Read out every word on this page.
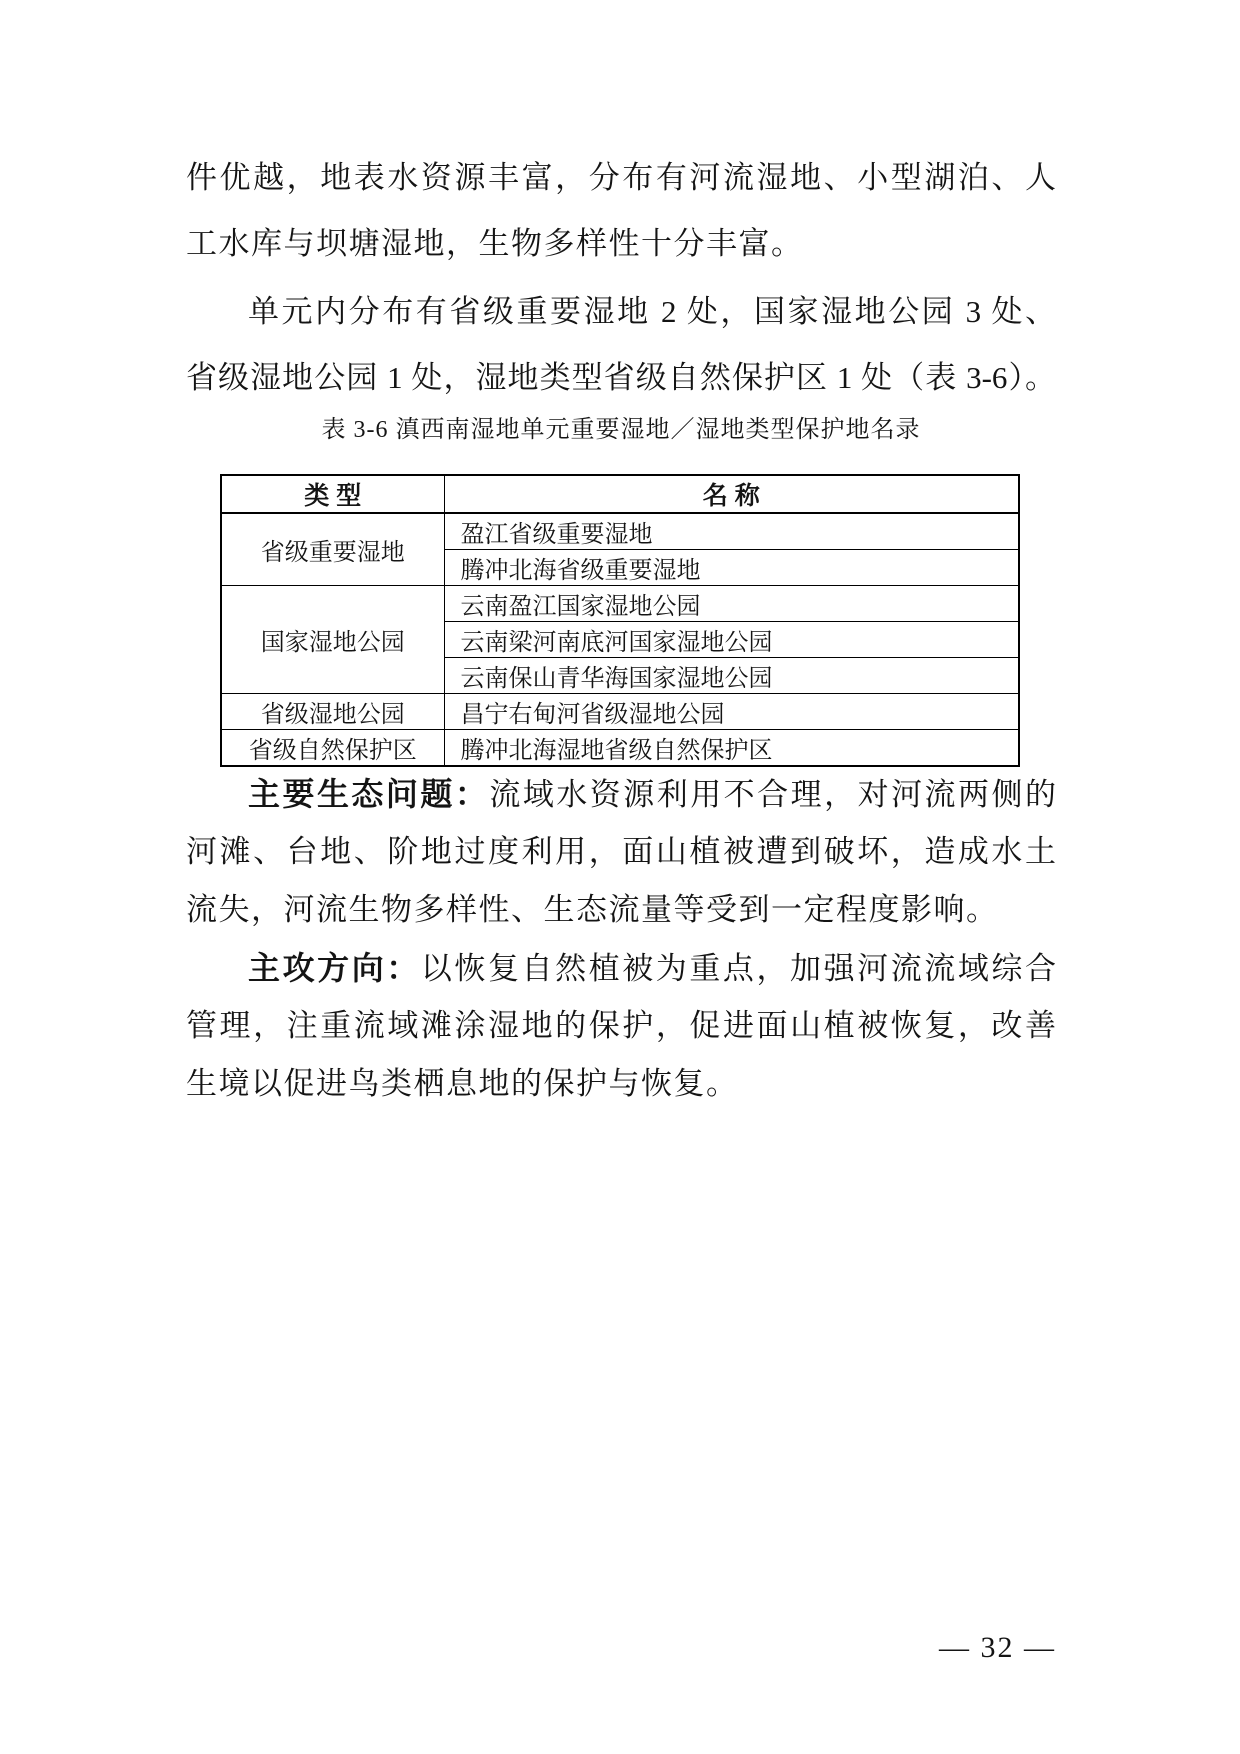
件优越，地表水资源丰富，分布有河流湿地、小型湖泊、人
工水库与坝塘湿地，生物多样性十分丰富。
单元内分布有省级重要湿地 2 处，国家湿地公园 3 处、
省级湿地公园 1 处，湿地类型省级自然保护区 1 处（表 3-6）。
表 3-6 滇西南湿地单元重要湿地／湿地类型保护地名录
类 型	名 称
省级重要湿地	盈江省级重要湿地
	腾冲北海省级重要湿地
国家湿地公园	云南盈江国家湿地公园
	云南梁河南底河国家湿地公园
	云南保山青华海国家湿地公园
省级湿地公园	昌宁右甸河省级湿地公园
省级自然保护区	腾冲北海湿地省级自然保护区
主要生态问题：流域水资源利用不合理，对河流两侧的
河滩、台地、阶地过度利用，面山植被遭到破坏，造成水土
流失，河流生物多样性、生态流量等受到一定程度影响。
主攻方向：以恢复自然植被为重点，加强河流流域综合
管理，注重流域滩涂湿地的保护，促进面山植被恢复，改善
生境以促进鸟类栖息地的保护与恢复。
— 32 —
